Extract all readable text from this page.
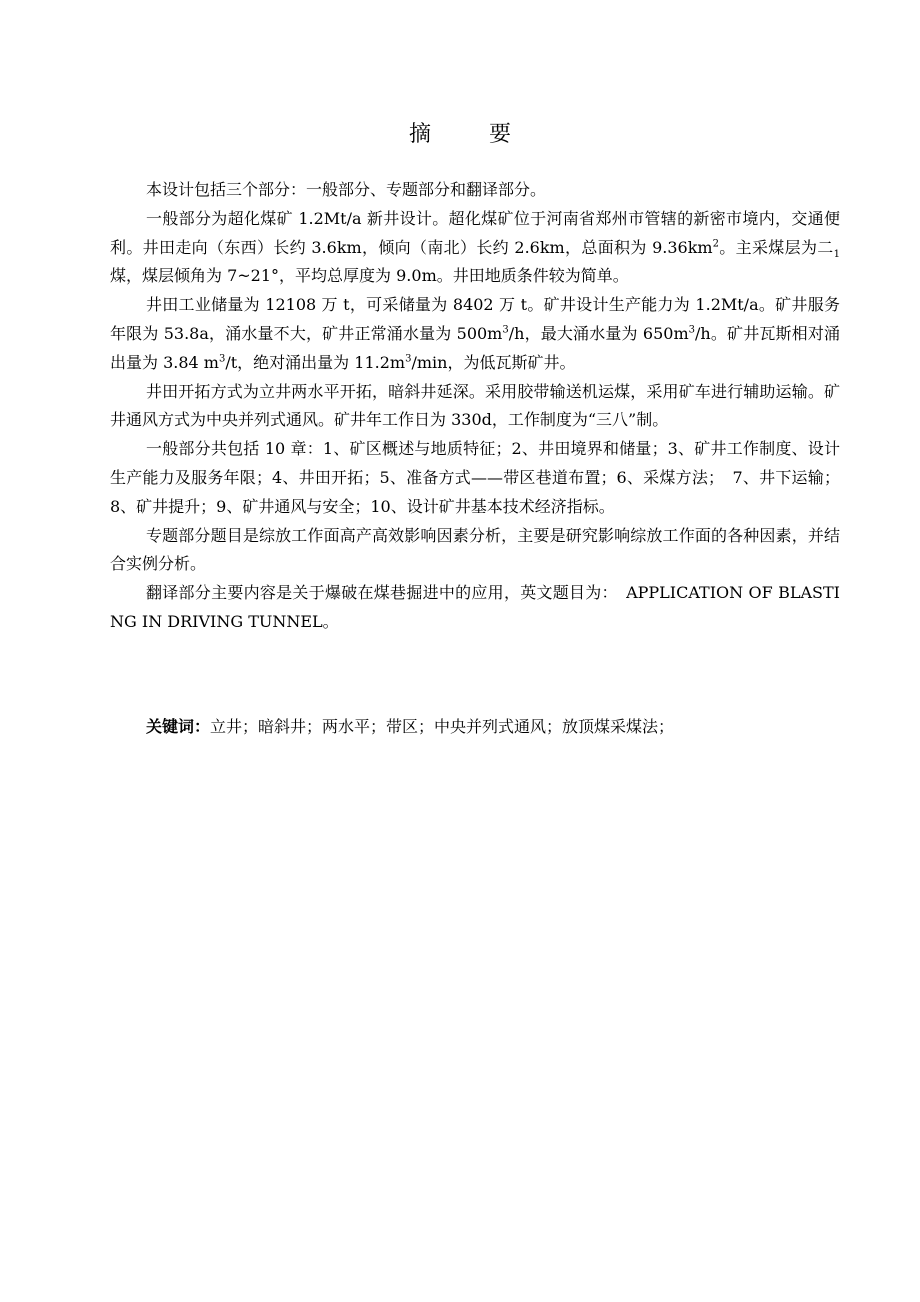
摘　要

本设计包括三个部分：一般部分、专题部分和翻译部分。

一般部分为超化煤矿 1.2Mt/a 新井设计。超化煤矿位于河南省郑州市管辖的新密市境内，交通便利。井田走向（东西）长约 3.6km，倾向（南北）长约 2.6km，总面积为 $9.36km^2$。主采煤层为二$_1$煤，煤层倾角为 7~21°，平均总厚度为 9.0m。井田地质条件较为简单。

井田工业储量为 12108 万 t，可采储量为 8402 万 t。矿井设计生产能力为 1.2Mt/a。矿井服务年限为 53.8a，涌水量不大，矿井正常涌水量为 $500m^3/h$，最大涌水量为 $650m^3/h$。矿井瓦斯相对涌出量为 3.84 $m^3/t$，绝对涌出量为 $11.2m^3/\min$，为低瓦斯矿井。

井田开拓方式为立井两水平开拓，暗斜井延深。采用胶带输送机运煤，采用矿车进行辅助运输。矿井通风方式为中央并列式通风。矿井年工作日为 330d，工作制度为“三八”制。

一般部分共包括 10 章：1、矿区概述与地质特征；2、井田境界和储量；3、矿井工作制度、设计生产能力及服务年限；4、井田开拓；5、准备方式——带区巷道布置；6、采煤方法；　7、井下运输；8、矿井提升；9、矿井通风与安全；10、设计矿井基本技术经济指标。

专题部分题目是综放工作面高产高效影响因素分析，主要是研究影响综放工作面的各种因素，并结合实例分析。

翻译部分主要内容是关于爆破在煤巷掘进中的应用，英文题目为：　APPLICATION OF BLASTING IN DRIVING TUNNEL。

关键词：立井；暗斜井；两水平；带区；中央并列式通风；放顶煤采煤法；
